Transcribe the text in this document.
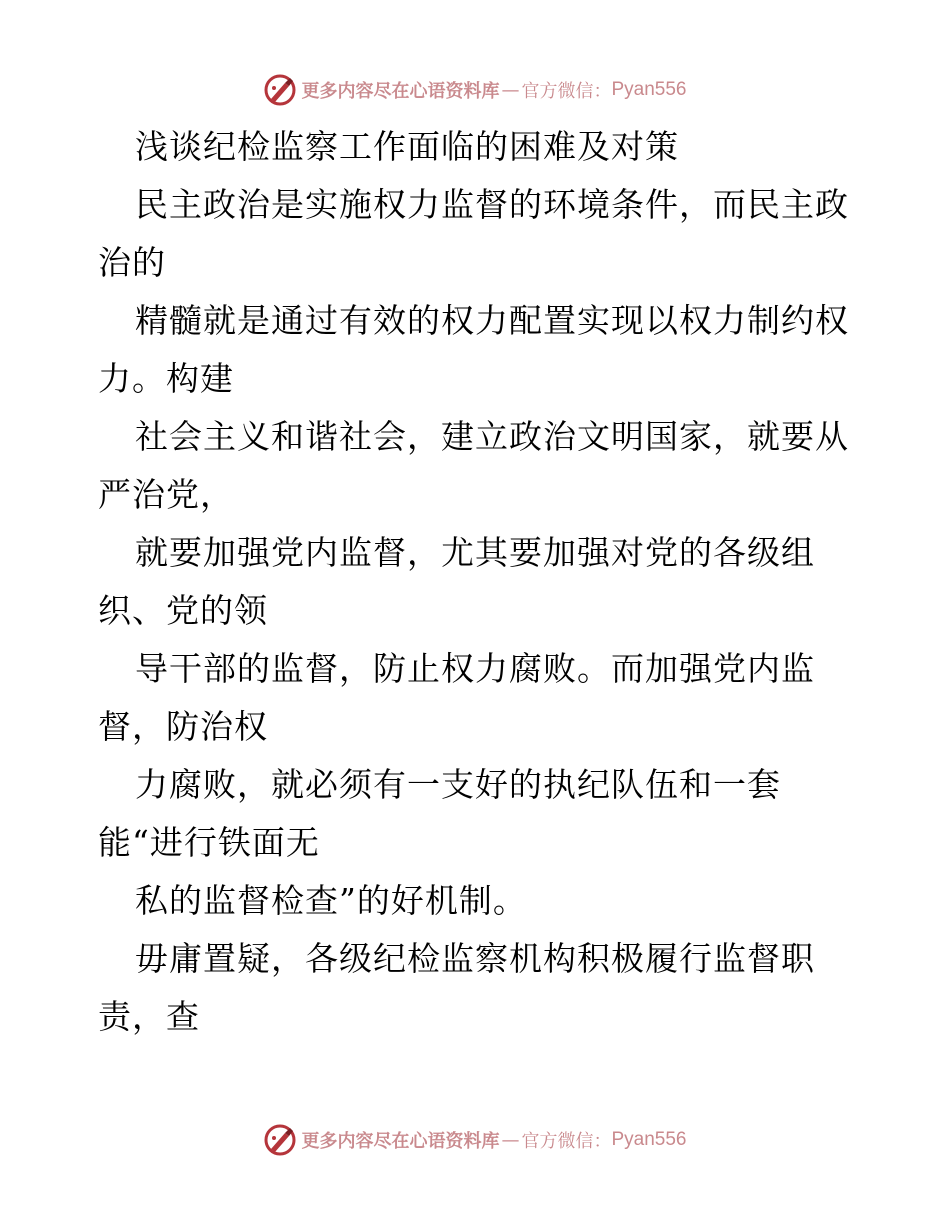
更多内容尽在心语资料库 — 官方微信： Pyan556
浅谈纪检监察工作面临的困难及对策
民主政治是实施权力监督的环境条件，而民主政
治的
精髓就是通过有效的权力配置实现以权力制约权
力。构建
社会主义和谐社会，建立政治文明国家，就要从
严治党，
就要加强党内监督，尤其要加强对党的各级组
织、党的领
导干部的监督，防止权力腐败。而加强党内监
督，防治权
力腐败，就必须有一支好的执纪队伍和一套
能“进行铁面无
私的监督检查”的好机制。
毋庸置疑，各级纪检监察机构积极履行监督职
责，查
更多内容尽在心语资料库 — 官方微信： Pyan556
